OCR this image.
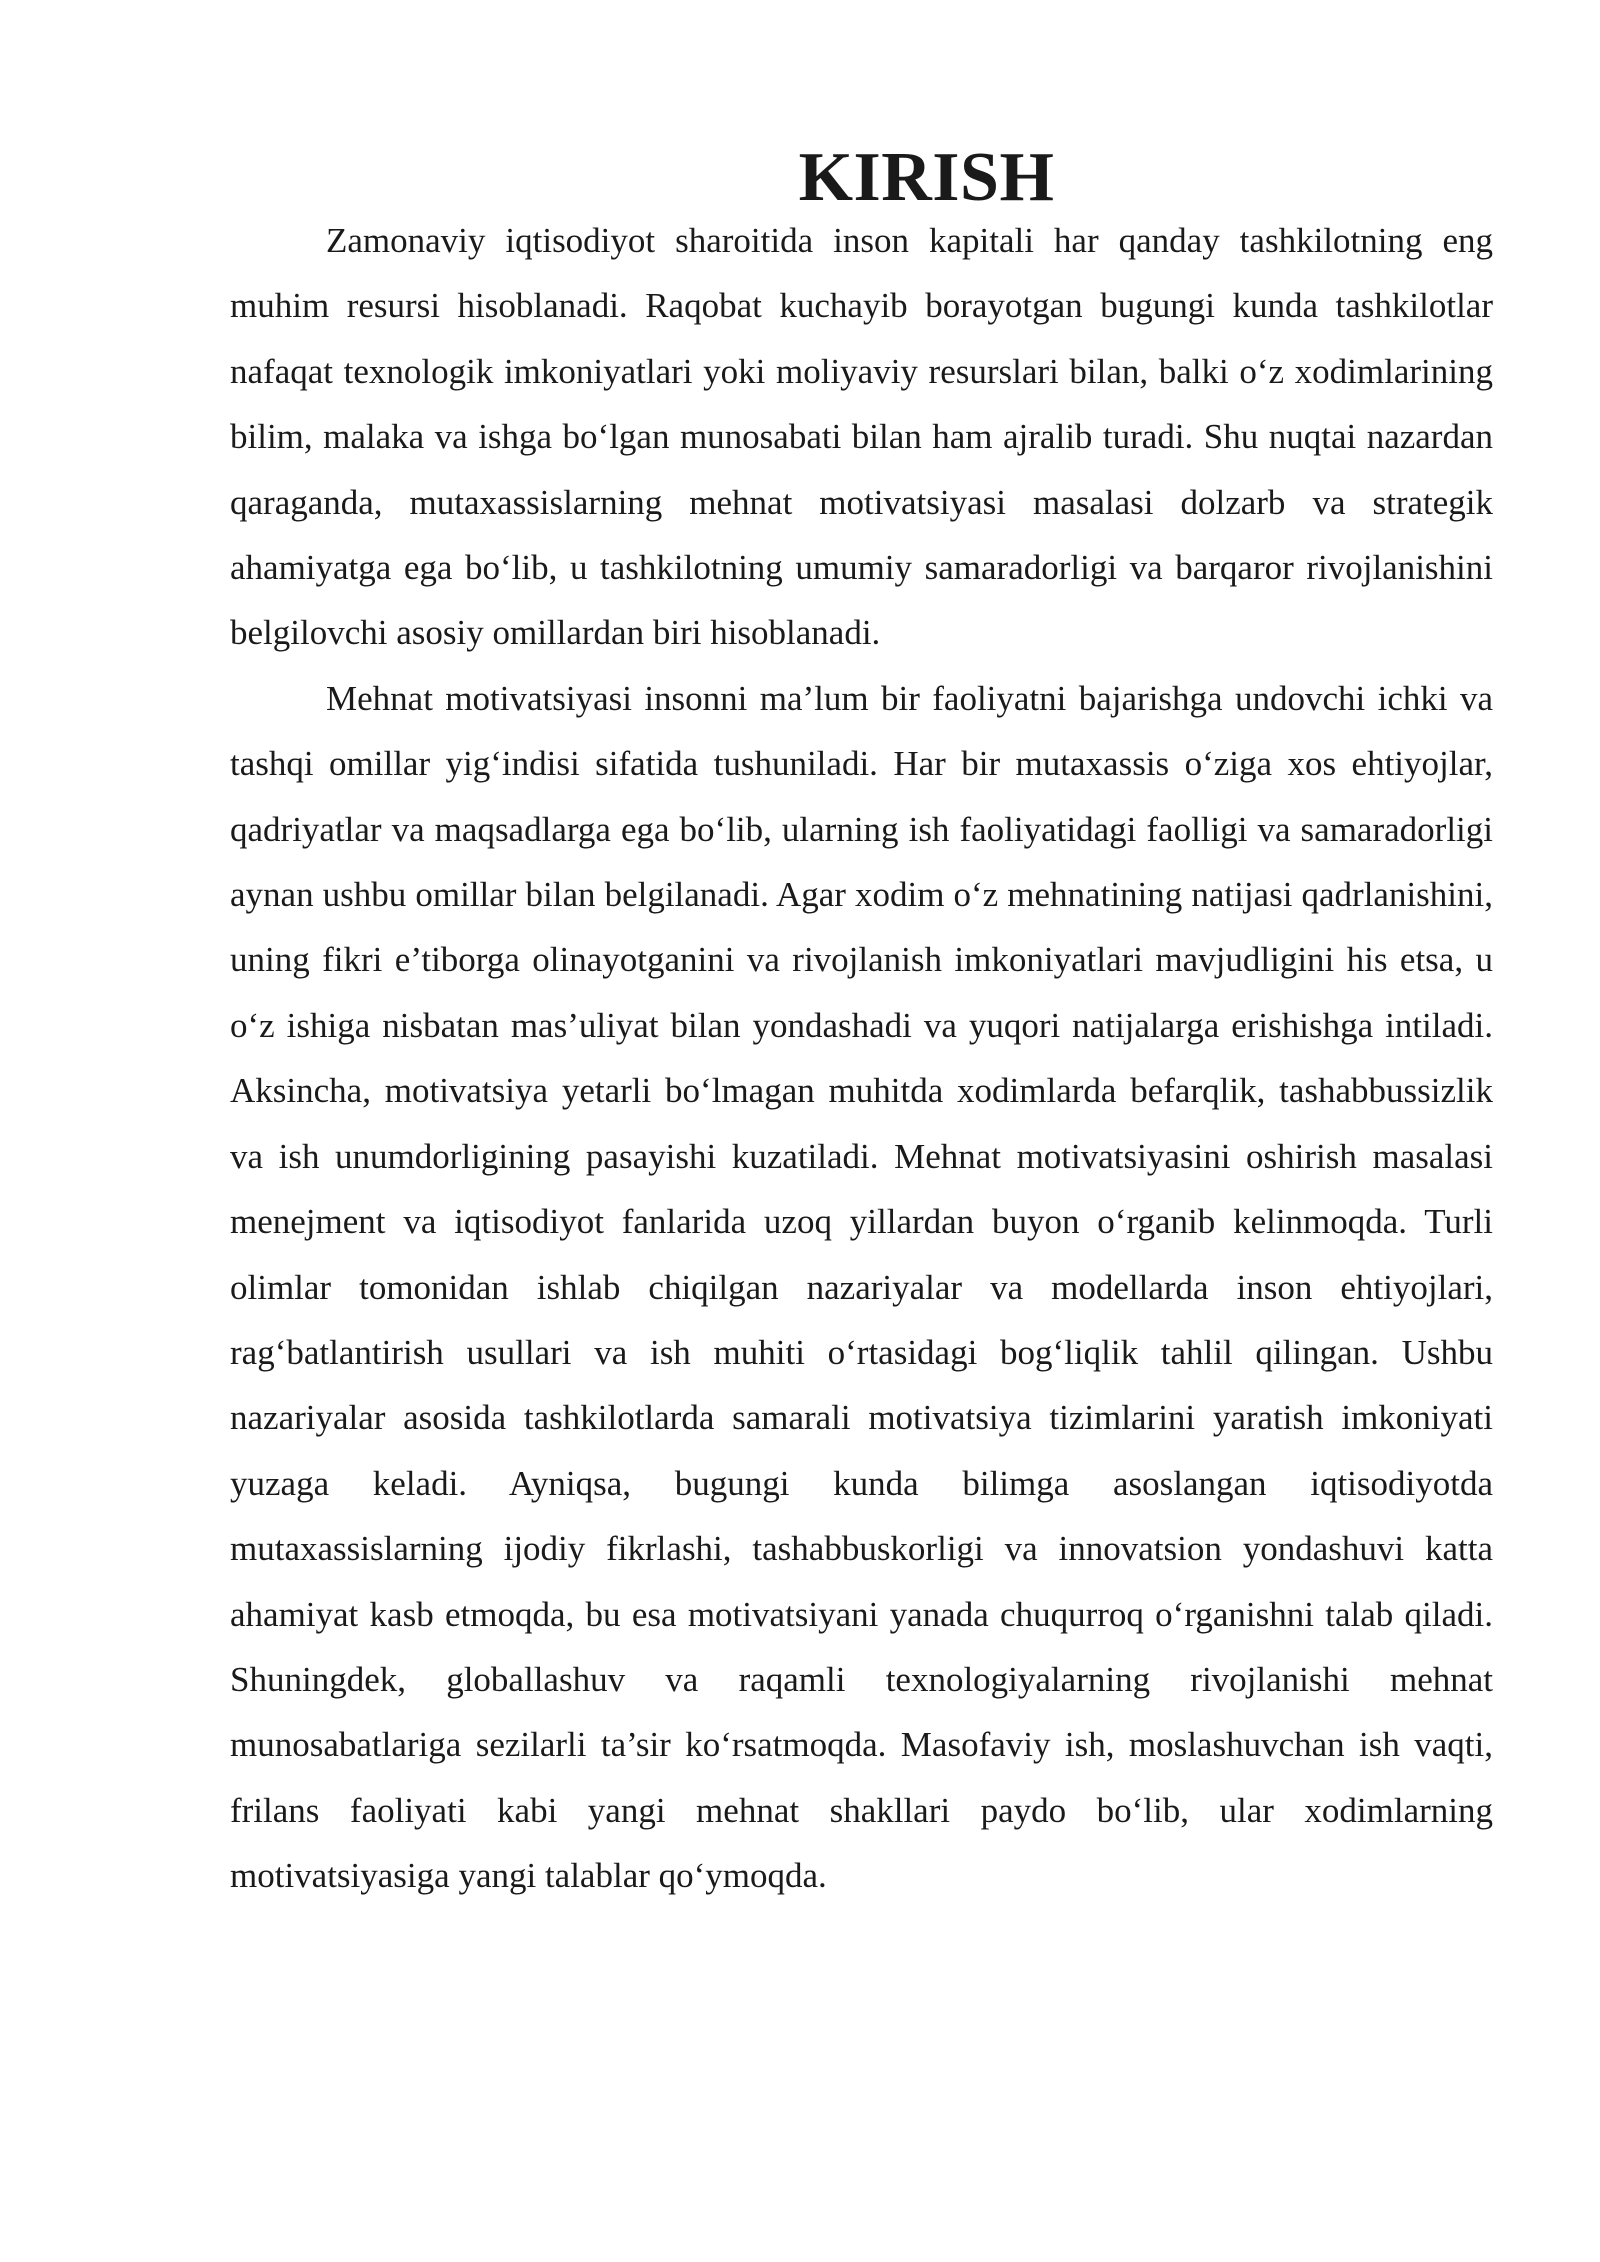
KIRISH

Zamonaviy iqtisodiyot sharoitida inson kapitali har qanday tashkilotning eng muhim resursi hisoblanadi. Raqobat kuchayib borayotgan bugungi kunda tashkilotlar nafaqat texnologik imkoniyatlari yoki moliyaviy resurslari bilan, balki o‘z xodimlarining bilim, malaka va ishga bo‘lgan munosabati bilan ham ajralib turadi. Shu nuqtai nazardan qaraganda, mutaxassislarning mehnat motivatsiyasi masalasi dolzarb va strategik ahamiyatga ega bo‘lib, u tashkilotning umumiy samaradorligi va barqaror rivojlanishini belgilovchi asosiy omillardan biri hisoblanadi.

Mehnat motivatsiyasi insonni ma’lum bir faoliyatni bajarishga undovchi ichki va tashqi omillar yig‘indisi sifatida tushuniladi. Har bir mutaxassis o‘ziga xos ehtiyojlar, qadriyatlar va maqsadlarga ega bo‘lib, ularning ish faoliyatidagi faolligi va samaradorligi aynan ushbu omillar bilan belgilanadi. Agar xodim o‘z mehnatining natijasi qadrlanishini, uning fikri e’tiborga olinayotganini va rivojlanish imkoniyatlari mavjudligini his etsa, u o‘z ishiga nisbatan mas’uliyat bilan yondashadi va yuqori natijalarga erishishga intiladi. Aksincha, motivatsiya yetarli bo‘lmagan muhitda xodimlarda befarqlik, tashabbussizlik va ish unumdorligining pasayishi kuzatiladi. Mehnat motivatsiyasini oshirish masalasi menejment va iqtisodiyot fanlarida uzoq yillardan buyon o‘rganib kelinmoqda. Turli olimlar tomonidan ishlab chiqilgan nazariyalar va modellarda inson ehtiyojlari, rag‘batlantirish usullari va ish muhiti o‘rtasidagi bog‘liqlik tahlil qilingan. Ushbu nazariyalar asosida tashkilotlarda samarali motivatsiya tizimlarini yaratish imkoniyati yuzaga keladi. Ayniqsa, bugungi kunda bilimga asoslangan iqtisodiyotda mutaxassislarning ijodiy fikrlashi, tashabbuskorligi va innovatsion yondashuvi katta ahamiyat kasb etmoqda, bu esa motivatsiyani yanada chuqurroq o‘rganishni talab qiladi. Shuningdek, globallashuv va raqamli texnologiyalarning rivojlanishi mehnat munosabatlariga sezilarli ta’sir ko‘rsatmoqda. Masofaviy ish, moslashuvchan ish vaqti, frilans faoliyati kabi yangi mehnat shakllari paydo bo‘lib, ular xodimlarning motivatsiyasiga yangi talablar qo‘ymoqda.
